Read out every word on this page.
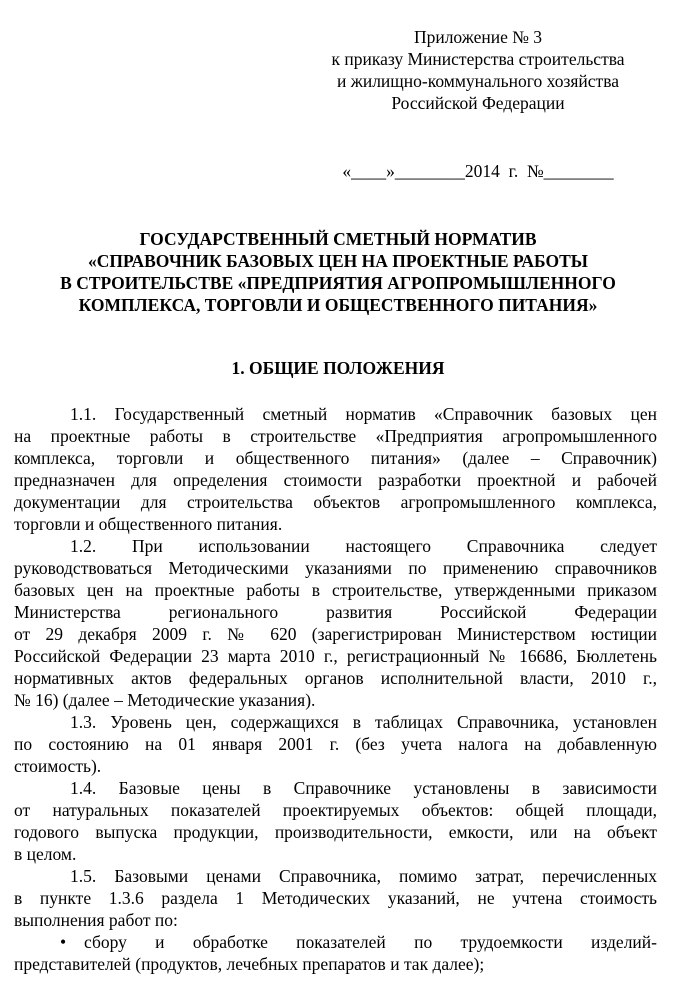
Приложение № 3
к приказу Министерства строительства
и жилищно-коммунального хозяйства
Российской Федерации
«____»________2014  г.  №________
ГОСУДАРСТВЕННЫЙ СМЕТНЫЙ НОРМАТИВ
«СПРАВОЧНИК БАЗОВЫХ ЦЕН НА ПРОЕКТНЫЕ РАБОТЫ
В СТРОИТЕЛЬСТВЕ «ПРЕДПРИЯТИЯ АГРОПРОМЫШЛЕННОГО
КОМПЛЕКСА, ТОРГОВЛИ И ОБЩЕСТВЕННОГО ПИТАНИЯ»
1. ОБЩИЕ ПОЛОЖЕНИЯ
1.1. Государственный сметный норматив «Справочник базовых цен
на проектные работы в строительстве «Предприятия агропромышленного
комплекса, торговли и общественного питания» (далее – Справочник)
предназначен для определения стоимости разработки проектной и рабочей
документации для строительства объектов агропромышленного комплекса,
торговли и общественного питания.
1.2. При использовании настоящего Справочника следует
руководствоваться Методическими указаниями по применению справочников
базовых цен на проектные работы в строительстве, утвержденными приказом
Министерства регионального развития Российской Федерации
от 29 декабря 2009 г. № 620 (зарегистрирован Министерством юстиции
Российской Федерации 23 марта 2010 г., регистрационный № 16686, Бюллетень
нормативных актов федеральных органов исполнительной власти, 2010 г.,
№ 16) (далее – Методические указания).
1.3. Уровень цен, содержащихся в таблицах Справочника, установлен
по состоянию на 01 января 2001 г. (без учета налога на добавленную
стоимость).
1.4. Базовые цены в Справочнике установлены в зависимости
от натуральных показателей проектируемых объектов: общей площади,
годового выпуска продукции, производительности, емкости, или на объект
в целом.
1.5. Базовыми ценами Справочника, помимо затрат, перечисленных
в пункте 1.3.6 раздела 1 Методических указаний, не учтена стоимость
выполнения работ по:
•	сбору и обработке показателей по трудоемкости изделий-
представителей (продуктов, лечебных препаратов и так далее);
